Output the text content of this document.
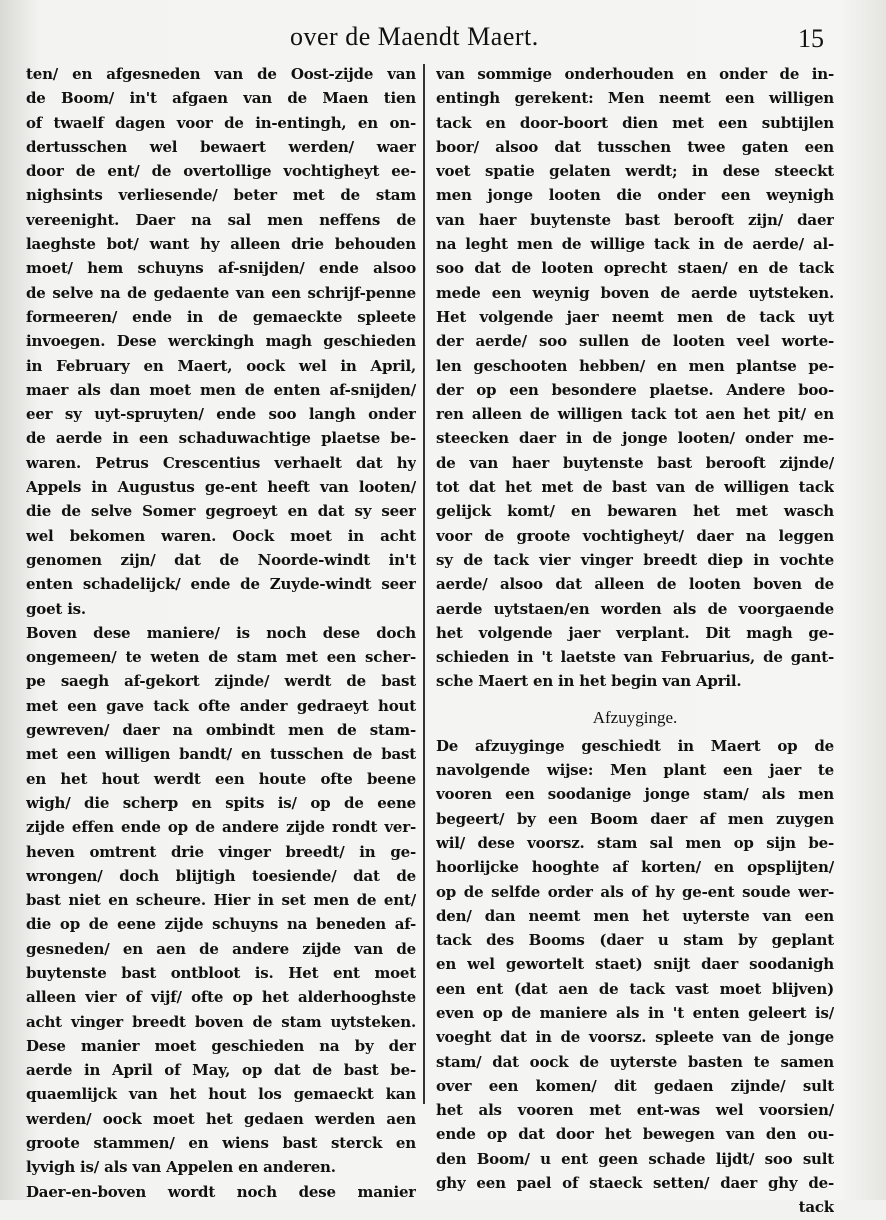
over de Maendt Maert.	15
ten/ en afgesneden van de Oost-zijde van
de Boom/ in't afgaen van de Maen tien
of twaelf dagen voor de in-entingh, en on-
dertusschen wel bewaert werden/ waer
door de ent/ de overtollige vochtigheyt ee-
nighsints verliesende/ beter met de stam
vereenight. Daer na sal men neffens de
laeghste bot/ want hy alleen drie behouden
moet/ hem schuyns af-snijden/ ende alsoo
de selve na de gedaente van een schrijf-penne
formeeren/ ende in de gemaeckte spleete
invoegen. Dese werckingh magh geschieden
in February en Maert, oock wel in April,
maer als dan moet men de enten af-snijden/
eer sy uyt-spruyten/ ende soo langh onder
de aerde in een schaduwachtige plaetse be-
waren. Petrus Crescentius verhaelt dat hy
Appels in Augustus ge-ent heeft van looten/
die de selve Somer gegroeyt en dat sy seer
wel bekomen waren. Oock moet in acht
genomen zijn/ dat de Noorde-windt in't
enten schadelijck/ ende de Zuyde-windt seer
goet is.
Boven dese maniere/ is noch dese doch
ongemeen/ te weten de stam met een scher-
pe saegh af-gekort zijnde/ werdt de bast
met een gave tack ofte ander gedraeyt hout
gewreven/ daer na ombindt men de stam-
met een willigen bandt/ en tusschen de bast
en het hout werdt een houte ofte beene
wigh/ die scherp en spits is/ op de eene
zijde effen ende op de andere zijde rondt ver-
heven omtrent drie vinger breedt/ in ge-
wrongen/ doch blijtigh toesiende/ dat de
bast niet en scheure. Hier in set men de ent/
die op de eene zijde schuyns na beneden af-
gesneden/ en aen de andere zijde van de
buytenste bast ontbloot is. Het ent moet
alleen vier of vijf/ ofte op het alderhooghste
acht vinger breedt boven de stam uytsteken.
Dese manier moet geschieden na by der
aerde in April of May, op dat de bast be-
quaemlijck van het hout los gemaeckt kan
werden/ oock moet het gedaen werden aen
groote stammen/ en wiens bast sterck en
lyvigh is/ als van Appelen en anderen.
Daer-en-boven wordt noch dese manier
van sommige onderhouden en onder de in-
entingh gerekent: Men neemt een willigen
tack en door-boort dien met een subtijlen
boor/ alsoo dat tusschen twee gaten een
voet spatie gelaten werdt; in dese steeckt
men jonge looten die onder een weynigh
van haer buytenste bast berooft zijn/ daer
na leght men de willige tack in de aerde/ al-
soo dat de looten oprecht staen/ en de tack
mede een weynig boven de aerde uytsteken.
Het volgende jaer neemt men de tack uyt
der aerde/ soo sullen de looten veel worte-
len geschooten hebben/ en men plantse pe-
der op een besondere plaetse. Andere boo-
ren alleen de willigen tack tot aen het pit/ en
steecken daer in de jonge looten/ onder me-
de van haer buytenste bast berooft zijnde/
tot dat het met de bast van de willigen tack
gelijck komt/ en bewaren het met wasch
voor de groote vochtigheyt/ daer na leggen
sy de tack vier vinger breedt diep in vochte
aerde/ alsoo dat alleen de looten boven de
aerde uytstaen/en worden als de voorgaende
het volgende jaer verplant. Dit magh ge-
schieden in 't laetste van Februarius, de gant-
sche Maert en in het begin van April.
Afzuyginge.
De afzuyginge geschiedt in Maert op de
navolgende wijse: Men plant een jaer te
vooren een soodanige jonge stam/ als men
begeert/ by een Boom daer af men zuygen
wil/ dese voorsz. stam sal men op sijn be-
hoorlijcke hooghte af korten/ en opsplijten/
op de selfde order als of hy ge-ent soude wer-
den/ dan neemt men het uyterste van een
tack des Booms (daer u stam by geplant
en wel gewortelt staet) snijt daer soodanigh
een ent (dat aen de tack vast moet blijven)
even op de maniere als in 't enten geleert is/
voeght dat in de voorsz. spleete van de jonge
stam/ dat oock de uyterste basten te samen
over een komen/ dit gedaen zijnde/ sult
het als vooren met ent-was wel voorsien/
ende op dat door het bewegen van den ou-
den Boom/ u ent geen schade lijdt/ soo sult
ghy een pael of staeck setten/ daer ghy de-
tack
